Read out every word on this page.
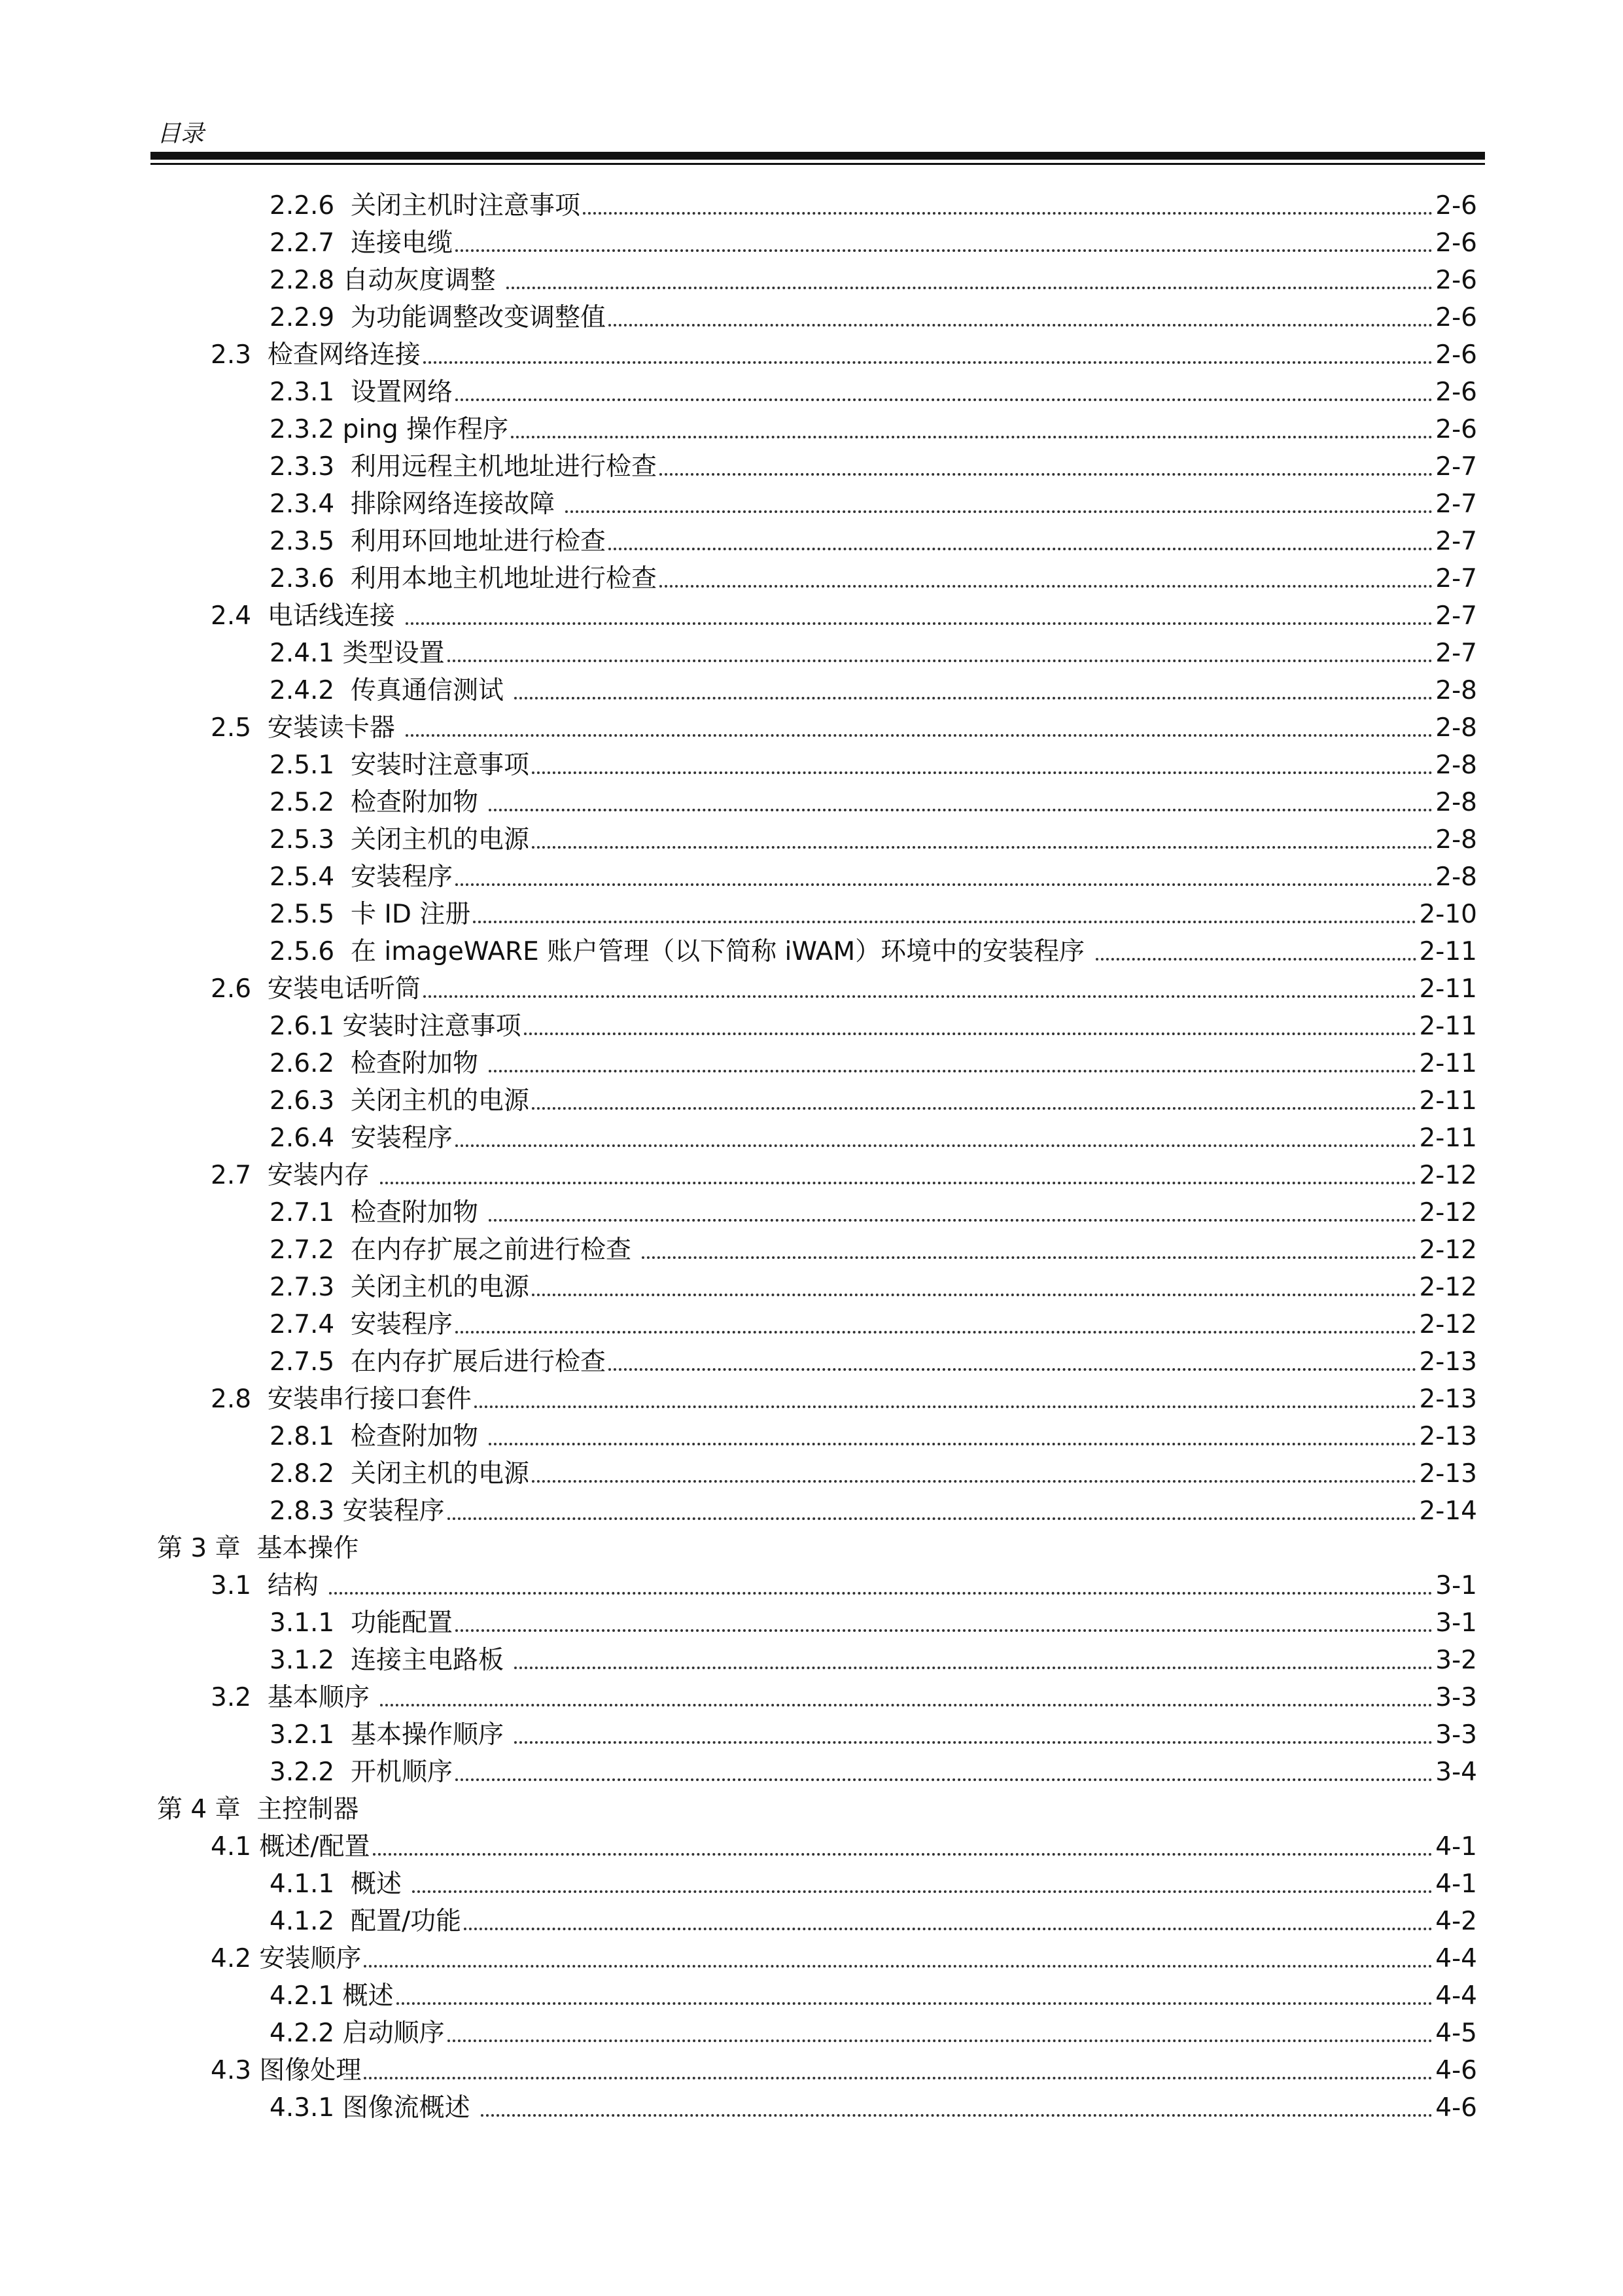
目录
2.2.6  关闭主机时注意事项	2-6
2.2.7  连接电缆	2-6
2.2.8 自动灰度调整	2-6
2.2.9  为功能调整改变调整值	2-6
2.3  检查网络连接	2-6
2.3.1  设置网络	2-6
2.3.2 ping 操作程序	2-6
2.3.3  利用远程主机地址进行检查	2-7
2.3.4  排除网络连接故障	2-7
2.3.5  利用环回地址进行检查	2-7
2.3.6  利用本地主机地址进行检查	2-7
2.4  电话线连接	2-7
2.4.1 类型设置	2-7
2.4.2  传真通信测试	2-8
2.5  安装读卡器	2-8
2.5.1  安装时注意事项	2-8
2.5.2  检查附加物	2-8
2.5.3  关闭主机的电源	2-8
2.5.4  安装程序	2-8
2.5.5  卡 ID 注册	2-10
2.5.6  在 imageWARE 账户管理（以下简称 iWAM）环境中的安装程序	2-11
2.6  安装电话听筒	2-11
2.6.1 安装时注意事项	2-11
2.6.2  检查附加物	2-11
2.6.3  关闭主机的电源	2-11
2.6.4  安装程序	2-11
2.7  安装内存	2-12
2.7.1  检查附加物	2-12
2.7.2  在内存扩展之前进行检查	2-12
2.7.3  关闭主机的电源	2-12
2.7.4  安装程序	2-12
2.7.5  在内存扩展后进行检查	2-13
2.8  安装串行接口套件	2-13
2.8.1  检查附加物	2-13
2.8.2  关闭主机的电源	2-13
2.8.3 安装程序	2-14
第 3 章  基本操作
3.1  结构	3-1
3.1.1  功能配置	3-1
3.1.2  连接主电路板	3-2
3.2  基本顺序	3-3
3.2.1  基本操作顺序	3-3
3.2.2  开机顺序	3-4
第 4 章  主控制器
4.1 概述/配置	4-1
4.1.1  概述	4-1
4.1.2  配置/功能	4-2
4.2 安装顺序	4-4
4.2.1 概述	4-4
4.2.2 启动顺序	4-5
4.3 图像处理	4-6
4.3.1 图像流概述	4-6
